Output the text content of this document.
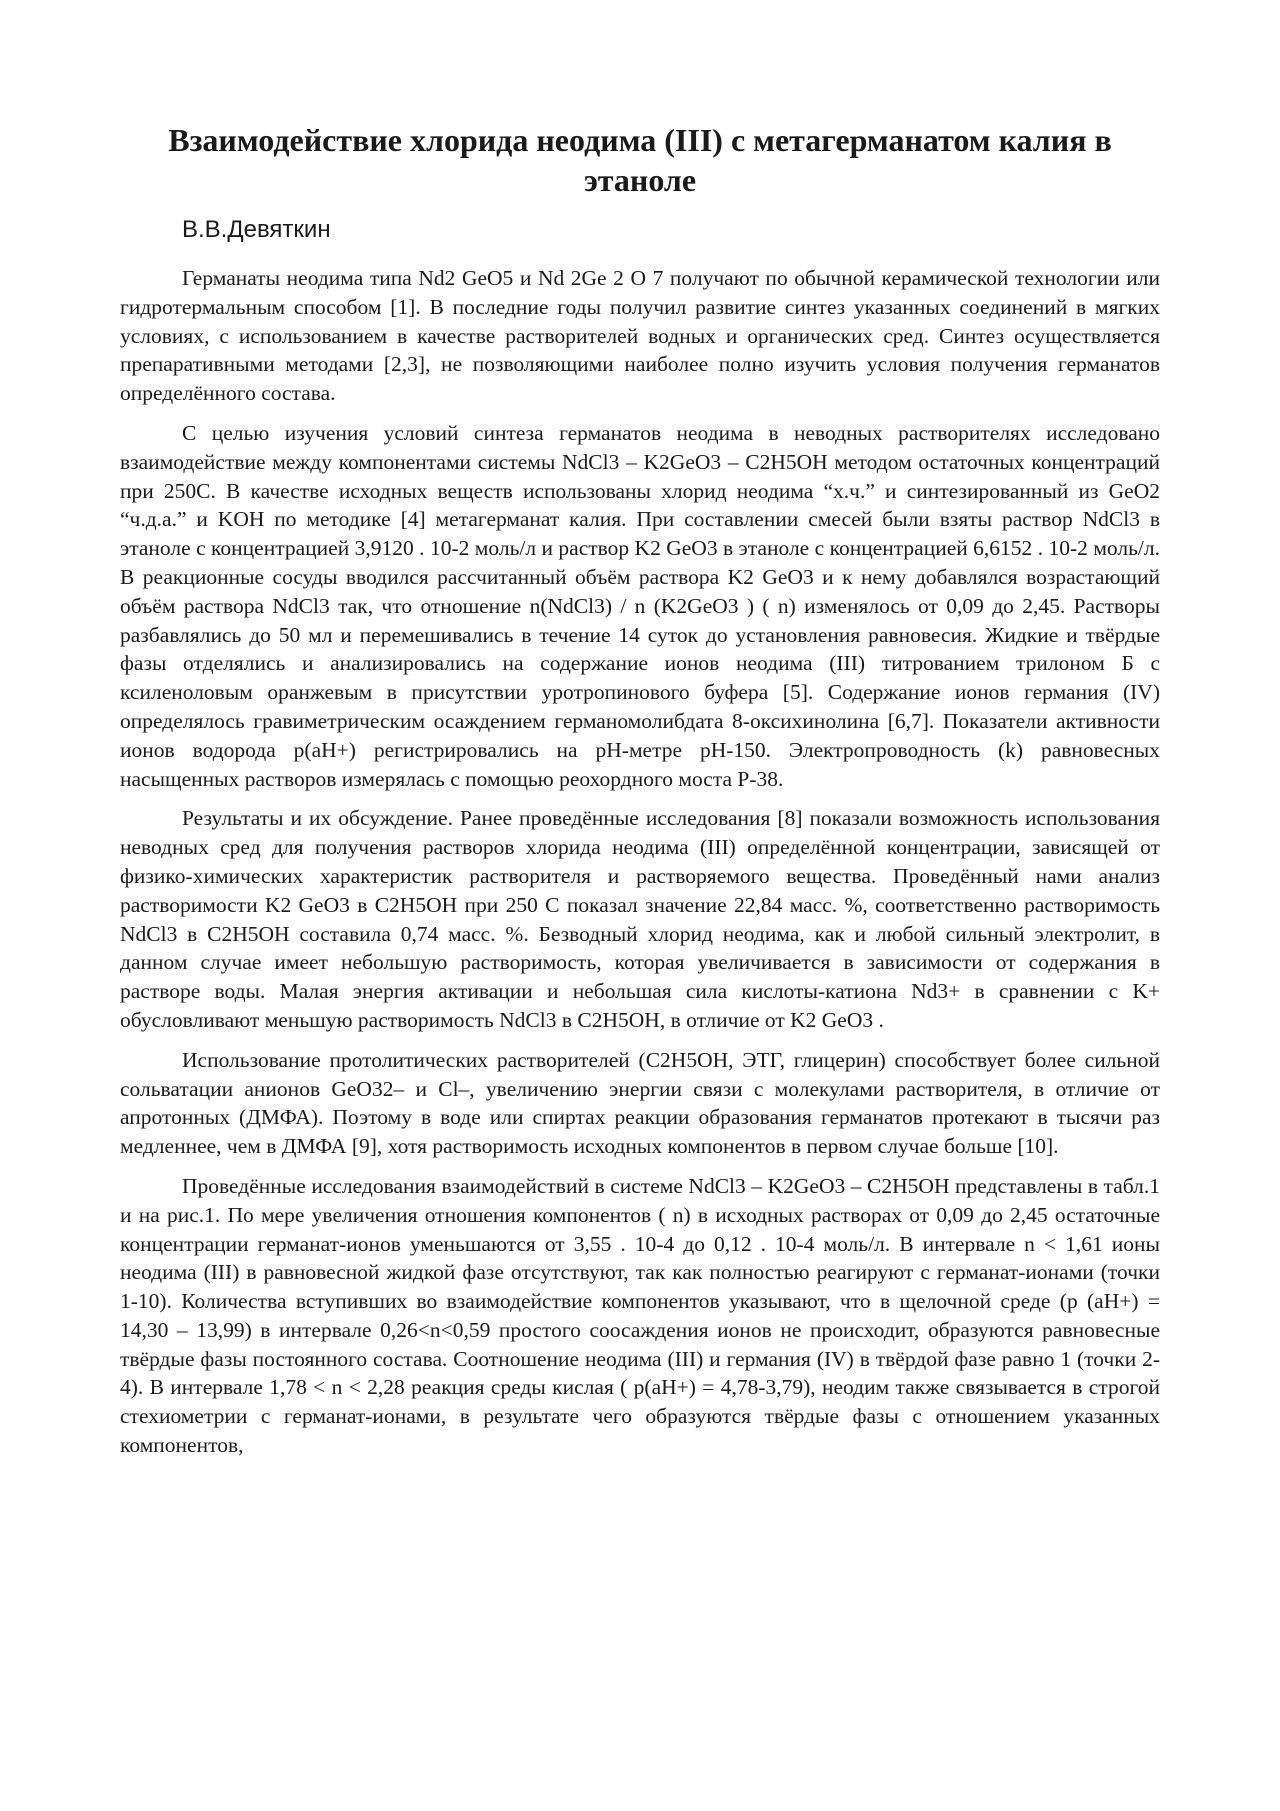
Взаимодействие хлорида неодима (III) с метагерманатом калия в этаноле
В.В.Девяткин

Германаты неодима типа Nd2 GeO5 и Nd 2Ge 2 O 7 получают по обычной керамической технологии или гидротермальным способом [1]. В последние годы получил развитие синтез указанных соединений в мягких условиях, с использованием в качестве растворителей водных и органических сред. Синтез осуществляется препаративными методами [2,3], не позволяющими наиболее полно изучить условия получения германатов определённого состава.

С целью изучения условий синтеза германатов неодима в неводных растворителях исследовано взаимодействие между компонентами системы NdCl3 – K2GeO3 – C2H5OH методом остаточных концентраций при 250С. В качестве исходных веществ использованы хлорид неодима “х.ч.” и синтезированный из GeO2 “ч.д.а.” и KOH по методике [4] метагерманат калия. При составлении смесей были взяты раствор NdCl3 в этаноле с концентрацией 3,9120 . 10-2 моль/л и раствор K2 GeO3 в этаноле с концентрацией 6,6152 . 10-2 моль/л. В реакционные сосуды вводился рассчитанный объём раствора K2 GeO3 и к нему добавлялся возрастающий объём раствора NdCl3 так, что отношение n(NdCl3) / n (K2GeO3 ) ( n) изменялось от 0,09 до 2,45. Растворы разбавлялись до 50 мл и перемешивались в течение 14 суток до установления равновесия. Жидкие и твёрдые фазы отделялись и анализировались на содержание ионов неодима (III) титрованием трилоном Б с ксиленоловым оранжевым в присутствии уротропинового буфера [5]. Содержание ионов германия (IV) определялось гравиметрическим осаждением германомолибдата 8-оксихинолина [6,7]. Показатели активности ионов водорода p(aH+) регистрировались на pH-метре pH-150. Электропроводность (k) равновесных насыщенных растворов измерялась с помощью реохордного моста Р-38.

Результаты и их обсуждение. Ранее проведённые исследования [8] показали возможность использования неводных сред для получения растворов хлорида неодима (III) определённой концентрации, зависящей от физико-химических характеристик растворителя и растворяемого вещества. Проведённый нами анализ растворимости K2 GeO3 в C2H5OH при 250 С показал значение 22,84 масс. %, соответственно растворимость NdCl3 в C2H5OH составила 0,74 масс. %. Безводный хлорид неодима, как и любой сильный электролит, в данном случае имеет небольшую растворимость, которая увеличивается в зависимости от содержания в растворе воды. Малая энергия активации и небольшая сила кислоты-катиона Nd3+ в сравнении с K+ обусловливают меньшую растворимость NdCl3 в C2H5OH, в отличие от K2 GeO3 .

Использование протолитических растворителей (C2H5OH, ЭТГ, глицерин) способствует более сильной сольватации анионов GeO32– и Cl–, увеличению энергии связи с молекулами растворителя, в отличие от апротонных (ДМФА). Поэтому в воде или спиртах реакции образования германатов протекают в тысячи раз медленнее, чем в ДМФА [9], хотя растворимость исходных компонентов в первом случае больше [10].

Проведённые исследования взаимодействий в системе NdCl3 – K2GeO3 – C2H5OH представлены в табл.1 и на рис.1. По мере увеличения отношения компонентов ( n) в исходных растворах от 0,09 до 2,45 остаточные концентрации германат-ионов уменьшаются от 3,55 . 10-4 до 0,12 . 10-4 моль/л. В интервале n < 1,61 ионы неодима (III) в равновесной жидкой фазе отсутствуют, так как полностью реагируют с германат-ионами (точки 1-10). Количества вступивших во взаимодействие компонентов указывают, что в щелочной среде (p (aH+) = 14,30 – 13,99) в интервале 0,26<n<0,59 простого соосаждения ионов не происходит, образуются равновесные твёрдые фазы постоянного состава. Соотношение неодима (III) и германия (IV) в твёрдой фазе равно 1 (точки 2-4). В интервале 1,78 < n < 2,28 реакция среды кислая ( p(aH+) = 4,78-3,79), неодим также связывается в строгой стехиометрии с германат-ионами, в результате чего образуются твёрдые фазы с отношением указанных компонентов,
